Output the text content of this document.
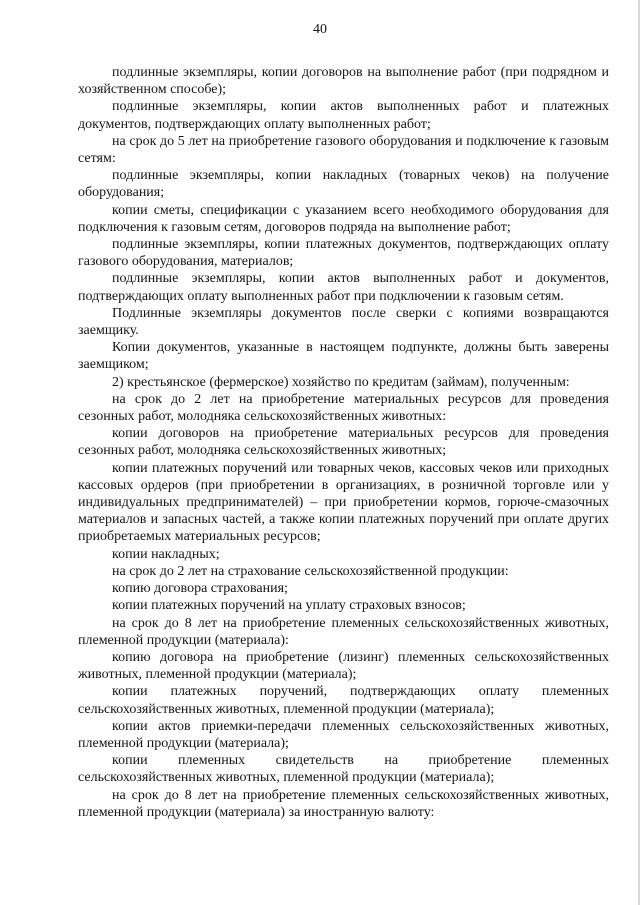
40

подлинные экземпляры, копии договоров на выполнение работ (при подрядном и хозяйственном способе);

подлинные экземпляры, копии актов выполненных работ и платежных документов, подтверждающих оплату выполненных работ;

на срок до 5 лет на приобретение газового оборудования и подключение к газовым сетям:

подлинные экземпляры, копии накладных (товарных чеков) на получение оборудования;

копии сметы, спецификации с указанием всего необходимого оборудования для подключения к газовым сетям, договоров подряда на выполнение работ;

подлинные экземпляры, копии платежных документов, подтверждающих оплату газового оборудования, материалов;

подлинные экземпляры, копии актов выполненных работ и документов, подтверждающих оплату выполненных работ при подключении к газовым сетям.

Подлинные экземпляры документов после сверки с копиями возвращаются заемщику.

Копии документов, указанные в настоящем подпункте, должны быть заверены заемщиком;

2) крестьянское (фермерское) хозяйство по кредитам (займам), полученным:

на срок до 2 лет на приобретение материальных ресурсов для проведения сезонных работ, молодняка сельскохозяйственных животных:

копии договоров на приобретение материальных ресурсов для проведения сезонных работ, молодняка сельскохозяйственных животных;

копии платежных поручений или товарных чеков, кассовых чеков или приходных кассовых ордеров (при приобретении в организациях, в розничной торговле или у индивидуальных предпринимателей) – при приобретении кормов, горюче-смазочных материалов и запасных частей, а также копии платежных поручений при оплате других приобретаемых материальных ресурсов;

копии накладных;

на срок до 2 лет на страхование сельскохозяйственной продукции:

копию договора страхования;

копии платежных поручений на уплату страховых взносов;

на срок до 8 лет на приобретение племенных сельскохозяйственных животных, племенной продукции (материала):

копию договора на приобретение (лизинг) племенных сельскохозяйственных животных, племенной продукции (материала);

копии платежных поручений, подтверждающих оплату племенных сельскохозяйственных животных, племенной продукции (материала);

копии актов приемки-передачи племенных сельскохозяйственных животных, племенной продукции (материала);

копии племенных свидетельств на приобретение племенных сельскохозяйственных животных, племенной продукции (материала);

на срок до 8 лет на приобретение племенных сельскохозяйственных животных, племенной продукции (материала) за иностранную валюту:
